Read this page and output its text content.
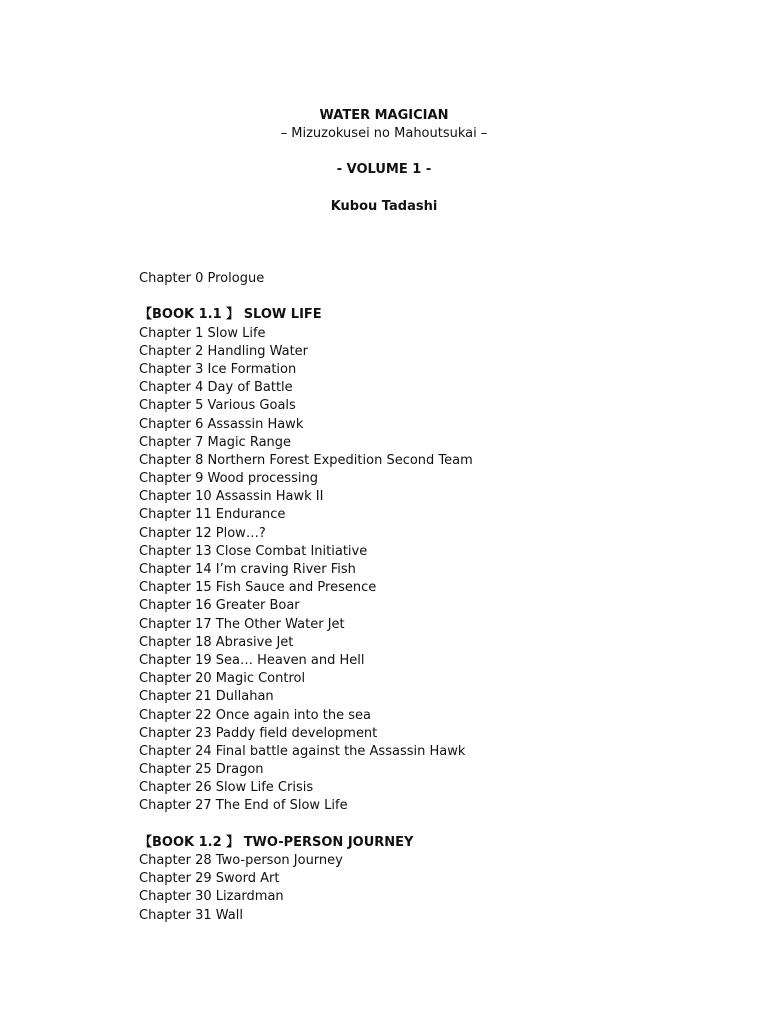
WATER MAGICIAN
– Mizuzokusei no Mahoutsukai –
- VOLUME 1 -
Kubou Tadashi
Chapter 0 Prologue
【BOOK 1.1 】 SLOW LIFE
Chapter 1 Slow Life
Chapter 2 Handling Water
Chapter 3 Ice Formation
Chapter 4 Day of Battle
Chapter 5 Various Goals
Chapter 6 Assassin Hawk
Chapter 7 Magic Range
Chapter 8 Northern Forest Expedition Second Team
Chapter 9 Wood processing
Chapter 10 Assassin Hawk II
Chapter 11 Endurance
Chapter 12 Plow…?
Chapter 13 Close Combat Initiative
Chapter 14 I’m craving River Fish
Chapter 15 Fish Sauce and Presence
Chapter 16 Greater Boar
Chapter 17 The Other Water Jet
Chapter 18 Abrasive Jet
Chapter 19 Sea… Heaven and Hell
Chapter 20 Magic Control
Chapter 21 Dullahan
Chapter 22 Once again into the sea
Chapter 23 Paddy field development
Chapter 24 Final battle against the Assassin Hawk
Chapter 25 Dragon
Chapter 26 Slow Life Crisis
Chapter 27 The End of Slow Life
【BOOK 1.2 】 TWO-PERSON JOURNEY
Chapter 28 Two-person Journey
Chapter 29 Sword Art
Chapter 30 Lizardman
Chapter 31 Wall
